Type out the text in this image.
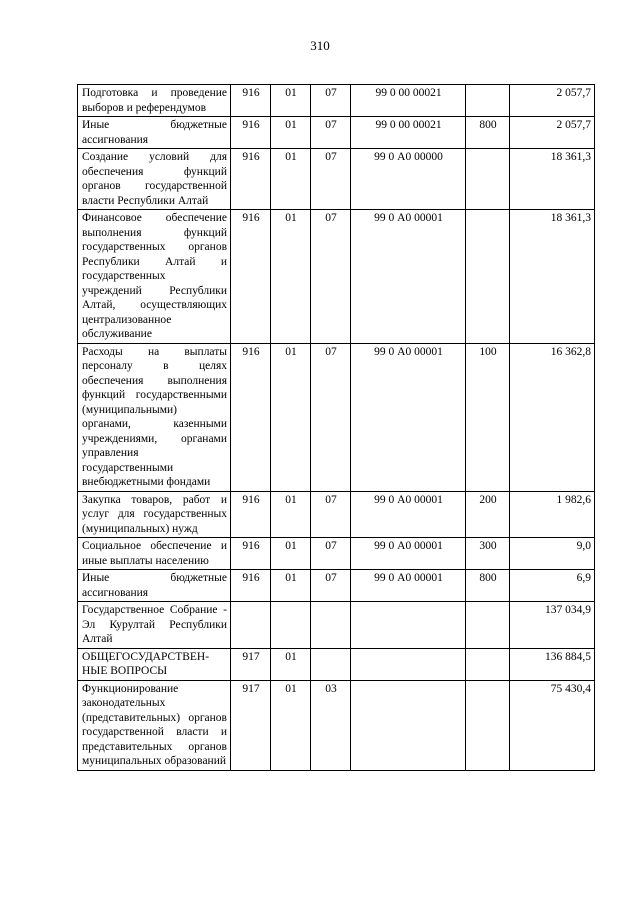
310
Подготовка и проведение выборов и референдумов	916	01	07	99 0 00 00021		2 057,7
Иные бюджетные ассигнования	916	01	07	99 0 00 00021	800	2 057,7
Создание условий для обеспечения функций органов государственной власти Республики Алтай	916	01	07	99 0 А0 00000		18 361,3
Финансовое обеспечение выполнения функций государственных органов Республики Алтай и государственных учреждений Республики Алтай, осуществляющих централизованное обслуживание	916	01	07	99 0 А0 00001		18 361,3
Расходы на выплаты персоналу в целях обеспечения выполнения функций государственными (муниципальными) органами, казенными учреждениями, органами управления государственными внебюджетными фондами	916	01	07	99 0 А0 00001	100	16 362,8
Закупка товаров, работ и услуг для государственных (муниципальных) нужд	916	01	07	99 0 А0 00001	200	1 982,6
Социальное обеспечение и иные выплаты населению	916	01	07	99 0 А0 00001	300	9,0
Иные бюджетные ассигнования	916	01	07	99 0 А0 00001	800	6,9
Государственное Собрание - Эл Курултай Республики Алтай						137 034,9
ОБЩЕГОСУДАРСТВЕН-НЫЕ ВОПРОСЫ	917	01				136 884,5
Функционирование законодательных (представительных) органов государственной власти и представительных органов муниципальных образований	917	01	03			75 430,4
